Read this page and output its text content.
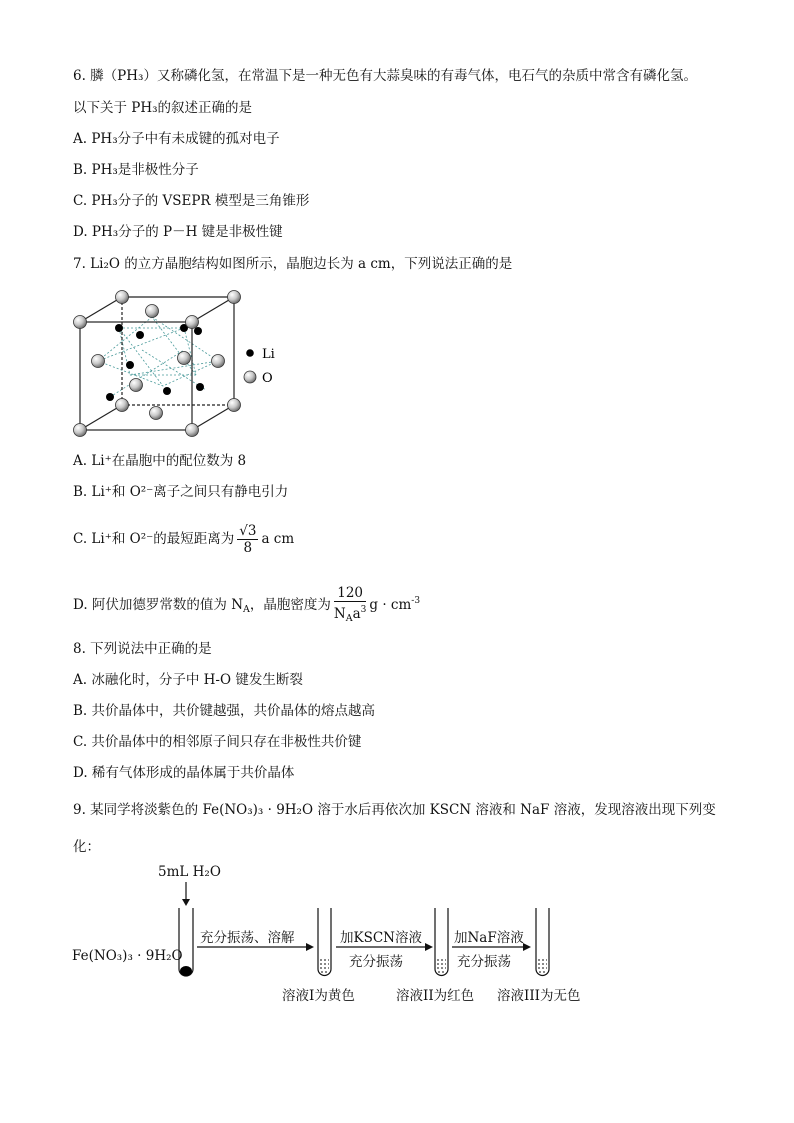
6. 膦（PH₃）又称磷化氢，在常温下是一种无色有大蒜臭味的有毒气体，电石气的杂质中常含有磷化氢。
以下关于 PH₃的叙述正确的是
A. PH₃分子中有未成键的孤对电子
B. PH₃是非极性分子
C. PH₃分子的 VSEPR 模型是三角锥形
D. PH₃分子的 P－H 键是非极性键
7. Li₂O 的立方晶胞结构如图所示，晶胞边长为 a cm，下列说法正确的是
Li
O
A. Li⁺在晶胞中的配位数为 8
B. Li⁺和 O²⁻离子之间只有静电引力
C. Li⁺和 O²⁻的最短距离为 $\frac{√3}{8}$ a cm
D. 阿伏加德罗常数的值为 $N_A$，晶胞密度为 $\frac{120}{N_Aa^3}$ $g \cdot cm^{-3}$
8. 下列说法中正确的是
A. 冰融化时，分子中 H-O 键发生断裂
B. 共价晶体中，共价键越强，共价晶体的熔点越高
C. 共价晶体中的相邻原子间只存在非极性共价键
D. 稀有气体形成的晶体属于共价晶体
9. 某同学将淡紫色的 Fe(NO₃)₃ · 9H₂O 溶于水后再依次加 KSCN 溶液和 NaF 溶液，发现溶液出现下列变
化：
5mL H₂O
Fe(NO₃)₃ · 9H₂O
充分振荡、溶解	加KSCN溶液
充分振荡
加NaF溶液
充分振荡
溶液I为黄色	溶液II为红色 溶液III为无色
